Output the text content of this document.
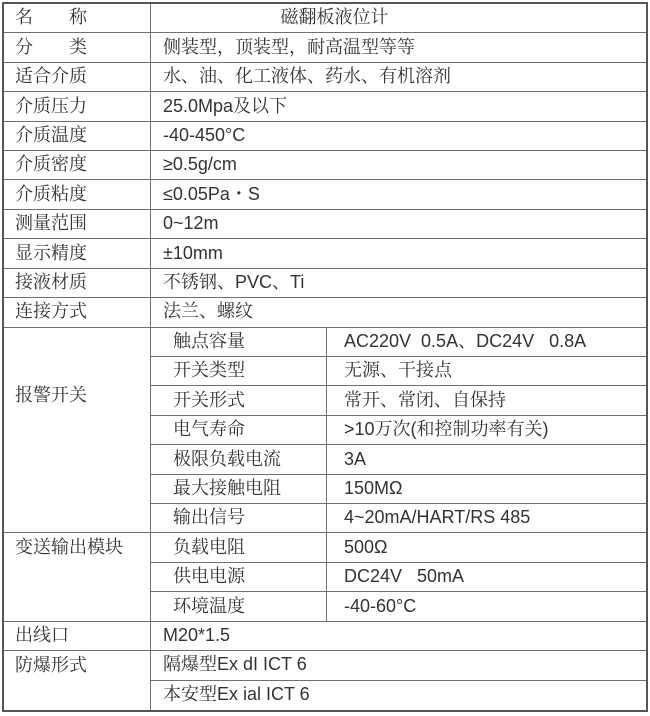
名　　称	磁翻板液位计
分　　类	侧装型，顶装型，耐高温型等等
适合介质	水、油、化工液体、药水、有机溶剂
介质压力	25.0Mpa及以下
介质温度	-40-450°C
介质密度	≥0.5g/cm
介质粘度	≤0.05Pa・S
测量范围	0~12m
显示精度	±10mm
接液材质	不锈钢、PVC、Ti
连接方式	法兰、螺纹
报警开关
触点容量	AC220V  0.5A、DC24V   0.8A
开关类型	无源、干接点
开关形式	常开、常闭、自保持
电气寿命	>10万次(和控制功率有关)
极限负载电流	3A
最大接触电阻	150MΩ
输出信号	4~20mA/HART/RS 485
变送输出模块	负载电阻	500Ω
供电电源	DC24V   50mA
环境温度	-40-60°C
出线口	M20*1.5
防爆形式	隔爆型Ex dI ICT 6
本安型Ex ial ICT 6
